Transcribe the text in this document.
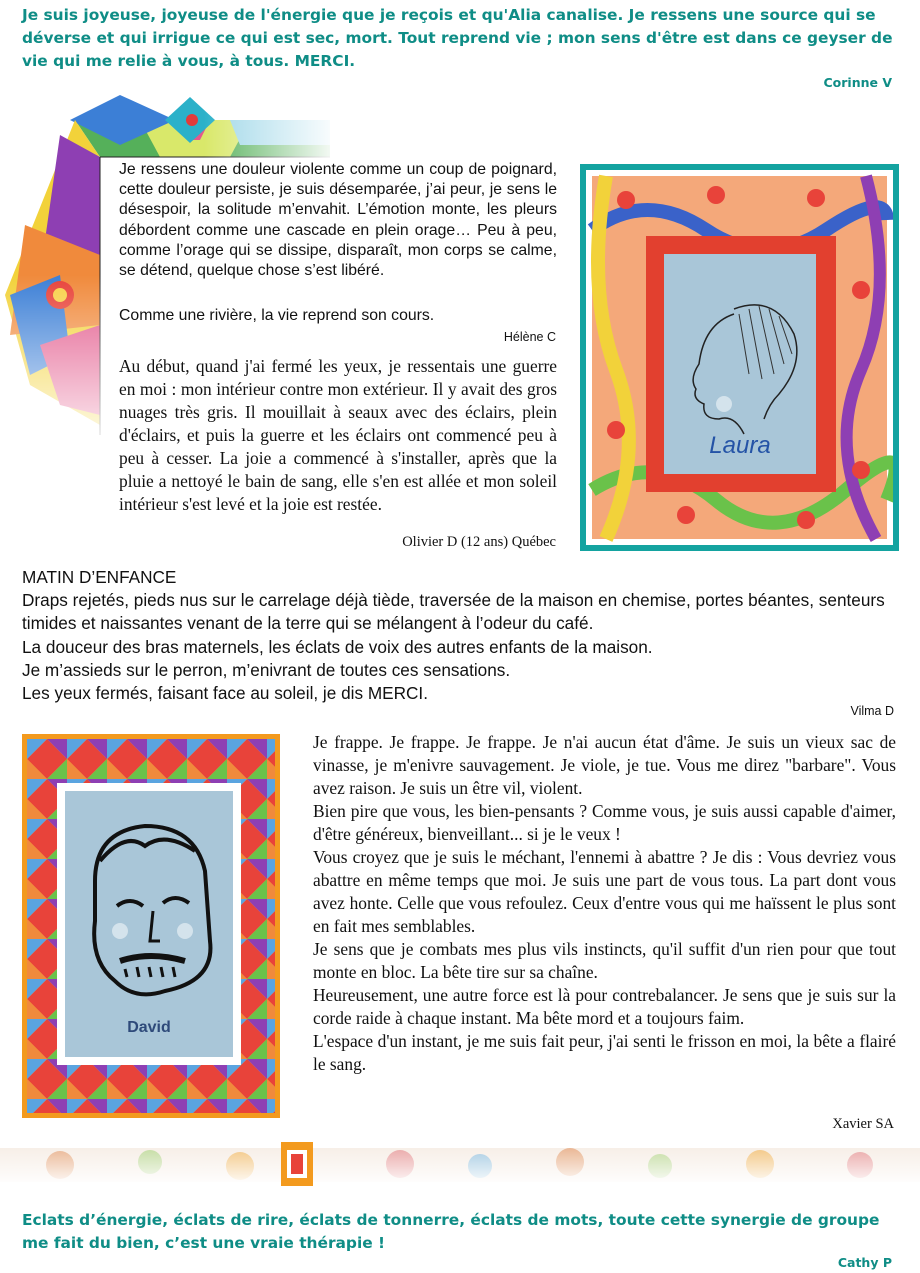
Je suis joyeuse, joyeuse de l'énergie que je reçois et qu'Alia canalise. Je ressens une source qui se déverse et qui irrigue ce qui est sec, mort. Tout reprend vie ; mon sens d'être est dans ce geyser de vie qui me relie à vous, à tous. MERCI.

Corinne V
Je ressens une douleur violente comme un coup de poignard, cette douleur persiste, je suis désemparée, j’ai peur, je sens le désespoir, la solitude m’envahit. L’émotion monte, les pleurs débordent comme une cascade en plein orage… Peu à peu, comme l’orage qui se dissipe, disparaît, mon corps se calme, se détend, quelque chose s’est libéré.
Comme une rivière, la vie reprend son cours.
Hélène C

Au début, quand j'ai fermé les yeux, je ressentais une guerre en moi : mon intérieur contre mon extérieur. Il y avait des gros nuages très gris. Il mouillait à seaux avec des éclairs, plein d'éclairs, et puis la guerre et les éclairs ont commencé peu à peu à cesser. La joie a commencé à s'installer, après que la pluie a nettoyé le bain de sang, elle s'en est allée et mon soleil intérieur s'est levé et la joie est restée.

Olivier D (12 ans) Québec
Laura
MATIN D’ENFANCE
Draps rejetés, pieds nus sur le carrelage déjà tiède, traversée de la maison en chemise, portes béantes, senteurs timides et naissantes venant de la terre qui se mélangent à l’odeur du café.
La douceur des bras maternels, les éclats de voix des autres enfants de la maison.
Je m’assieds sur le perron, m’enivrant de toutes ces sensations.
Les yeux fermés, faisant face au soleil, je dis MERCI.
Vilma D
David
Je frappe. Je frappe. Je frappe. Je n'ai aucun état d'âme. Je suis un vieux sac de vinasse, je m'enivre sauvagement. Je viole, je tue. Vous me direz "barbare". Vous avez raison. Je suis un être vil, violent.
Bien pire que vous, les bien-pensants ? Comme vous, je suis aussi capable d'aimer, d'être généreux, bienveillant... si je le veux !
Vous croyez que je suis le méchant, l'ennemi à abattre ? Je dis : Vous devriez vous abattre en même temps que moi. Je suis une part de vous tous. La part dont vous avez honte. Celle que vous refoulez. Ceux d'entre vous qui me haïssent le plus sont en fait mes semblables.
Je sens que je combats mes plus vils instincts, qu'il suffit d'un rien pour que tout monte en bloc. La bête tire sur sa chaîne.
Heureusement, une autre force est là pour contrebalancer. Je sens que je suis sur la corde raide à chaque instant. Ma bête mord et a toujours faim.
L'espace d'un instant, je me suis fait peur, j'ai senti le frisson en moi, la bête a flairé le sang.
Xavier SA

Eclats d’énergie, éclats de rire, éclats de tonnerre, éclats de mots, toute cette synergie de groupe me fait du bien, c’est une vraie thérapie !

Cathy P
